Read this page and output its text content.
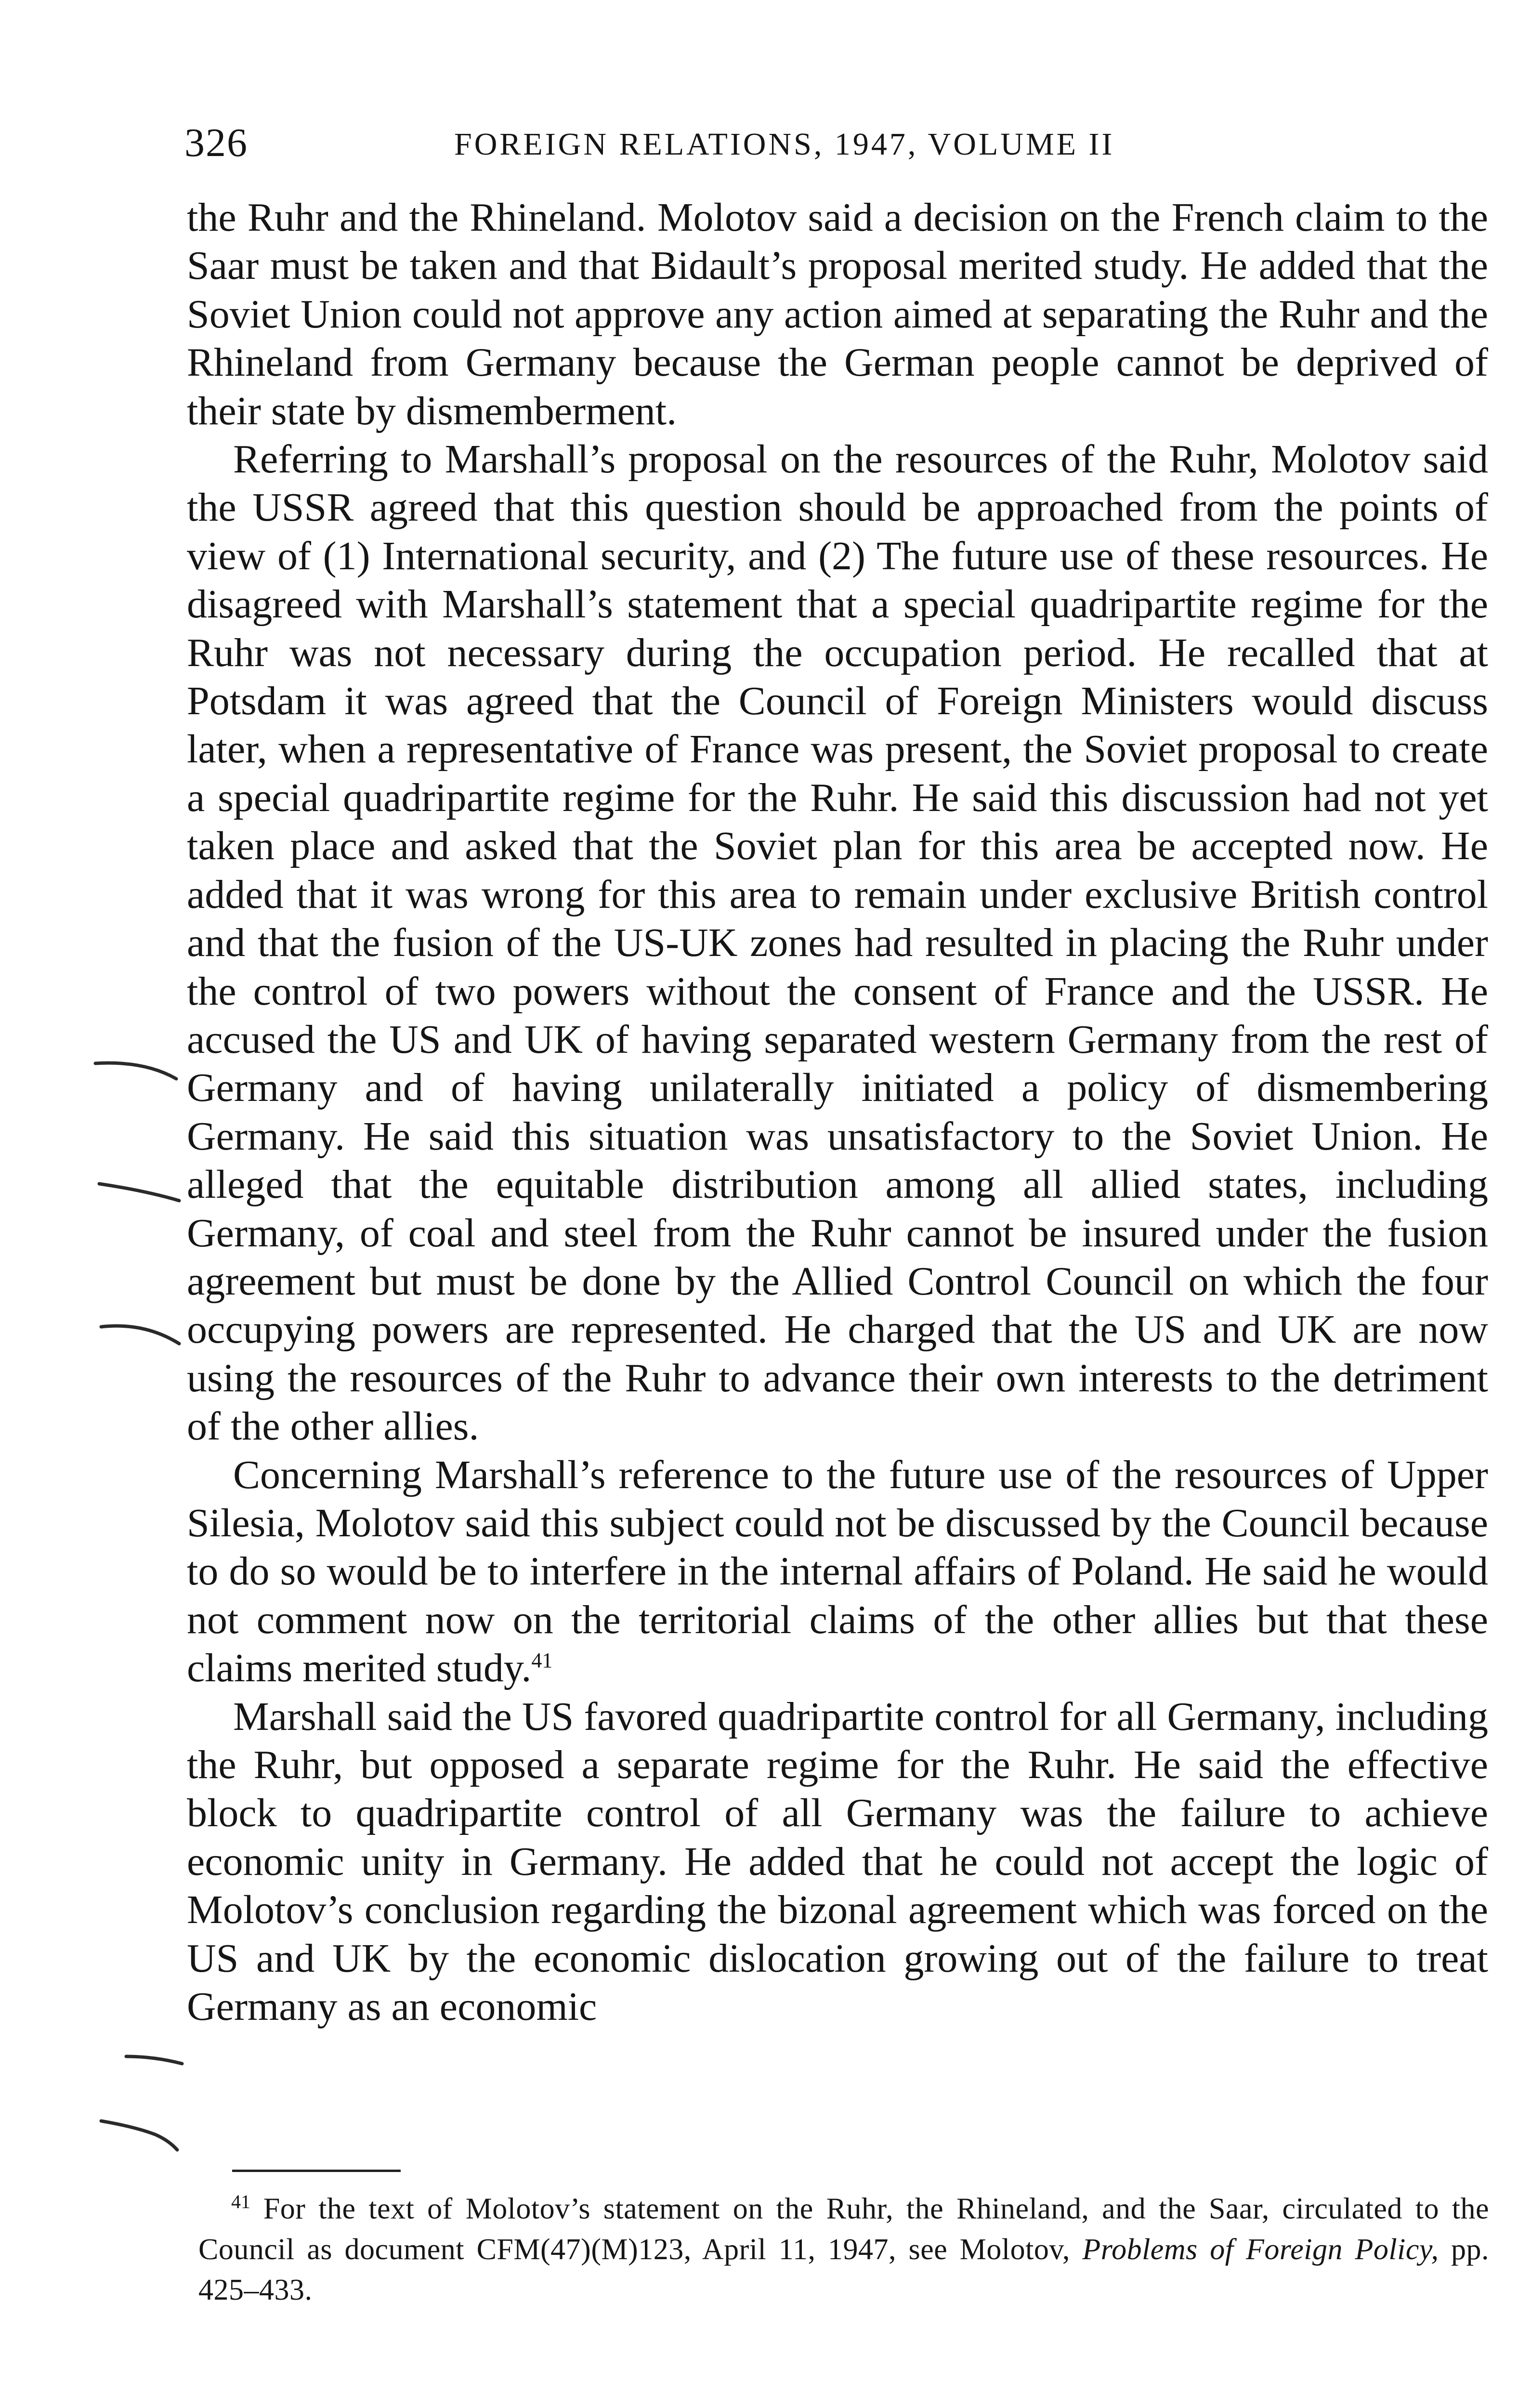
326	FOREIGN RELATIONS, 1947, VOLUME II

the Ruhr and the Rhineland. Molotov said a decision on the French claim to the Saar must be taken and that Bidault’s proposal merited study. He added that the Soviet Union could not approve any action aimed at separating the Ruhr and the Rhineland from Germany because the German people cannot be deprived of their state by dismemberment.

Referring to Marshall’s proposal on the resources of the Ruhr, Molotov said the USSR agreed that this question should be approached from the points of view of (1) International security, and (2) The future use of these resources. He disagreed with Marshall’s statement that a special quadripartite regime for the Ruhr was not necessary during the occupation period. He recalled that at Potsdam it was agreed that the Council of Foreign Ministers would discuss later, when a representative of France was present, the Soviet proposal to create a special quadripartite regime for the Ruhr. He said this discussion had not yet taken place and asked that the Soviet plan for this area be accepted now. He added that it was wrong for this area to remain under exclusive British control and that the fusion of the US-UK zones had resulted in placing the Ruhr under the control of two powers without the consent of France and the USSR. He accused the US and UK of having separated western Germany from the rest of Germany and of having unilaterally initiated a policy of dismembering Germany. He said this situation was unsatisfactory to the Soviet Union. He alleged that the equitable distribution among all allied states, including Germany, of coal and steel from the Ruhr cannot be insured under the fusion agreement but must be done by the Allied Control Council on which the four occupying powers are represented. He charged that the US and UK are now using the resources of the Ruhr to advance their own interests to the detriment of the other allies.

Concerning Marshall’s reference to the future use of the resources of Upper Silesia, Molotov said this subject could not be discussed by the Council because to do so would be to interfere in the internal affairs of Poland. He said he would not comment now on the territorial claims of the other allies but that these claims merited study.$^{41}$

Marshall said the US favored quadripartite control for all Germany, including the Ruhr, but opposed a separate regime for the Ruhr. He said the effective block to quadripartite control of all Germany was the failure to achieve economic unity in Germany. He added that he could not accept the logic of Molotov’s conclusion regarding the bizonal agreement which was forced on the US and UK by the economic dislocation growing out of the failure to treat Germany as an economic

$^{41}$ For the text of Molotov’s statement on the Ruhr, the Rhineland, and the Saar, circulated to the Council as document CFM(47)(M)123, April 11, 1947, see Molotov, Problems of Foreign Policy, pp. 425–433.
